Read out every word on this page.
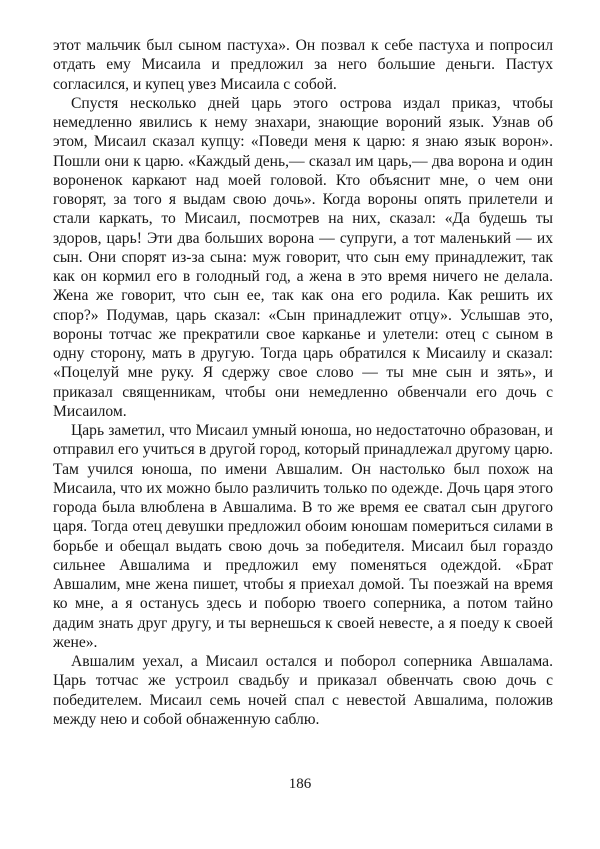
этот мальчик был сыном пастуха». Он позвал к себе пастуха и попросил отдать ему Мисаила и предложил за него большие деньги. Пастух согласился, и купец увез Мисаила с собой.

Спустя несколько дней царь этого острова издал приказ, чтобы немедленно явились к нему знахари, знающие вороний язык. Узнав об этом, Мисаил сказал купцу: «Поведи меня к царю: я знаю язык ворон». Пошли они к царю. «Каждый день,— сказал им царь,— два ворона и один вороненок каркают над моей головой. Кто объяснит мне, о чем они говорят, за того я выдам свою дочь». Когда вороны опять прилетели и стали каркать, то Мисаил, посмотрев на них, сказал: «Да будешь ты здоров, царь! Эти два больших ворона — супруги, а тот маленький — их сын. Они спорят из-за сына: муж говорит, что сын ему принадлежит, так как он кормил его в голодный год, а жена в это время ничего не делала. Жена же говорит, что сын ее, так как она его родила. Как решить их спор?» Подумав, царь сказал: «Сын принадлежит отцу». Услышав это, вороны тотчас же прекратили свое карканье и улетели: отец с сыном в одну сторону, мать в другую. Тогда царь обратился к Мисаилу и сказал: «Поцелуй мне руку. Я сдержу свое слово — ты мне сын и зять», и приказал священникам, чтобы они немедленно обвенчали его дочь с Мисаилом.

Царь заметил, что Мисаил умный юноша, но недостаточно образован, и отправил его учиться в другой город, который принадлежал другому царю. Там учился юноша, по имени Авшалим. Он настолько был похож на Мисаила, что их можно было различить только по одежде. Дочь царя этого города была влюблена в Авшалима. В то же время ее сватал сын другого царя. Тогда отец девушки предложил обоим юношам помериться силами в борьбе и обещал выдать свою дочь за победителя. Мисаил был гораздо сильнее Авшалима и предложил ему поменяться одеждой. «Брат Авшалим, мне жена пишет, чтобы я приехал домой. Ты поезжай на время ко мне, а я останусь здесь и поборю твоего соперника, а потом тайно дадим знать друг другу, и ты вернешься к своей невесте, а я поеду к своей жене».

Авшалим уехал, а Мисаил остался и поборол соперника Авшалама. Царь тотчас же устроил свадьбу и приказал обвенчать свою дочь с победителем. Мисаил семь ночей спал с невестой Авшалима, положив между нею и собой обнаженную саблю.

186
